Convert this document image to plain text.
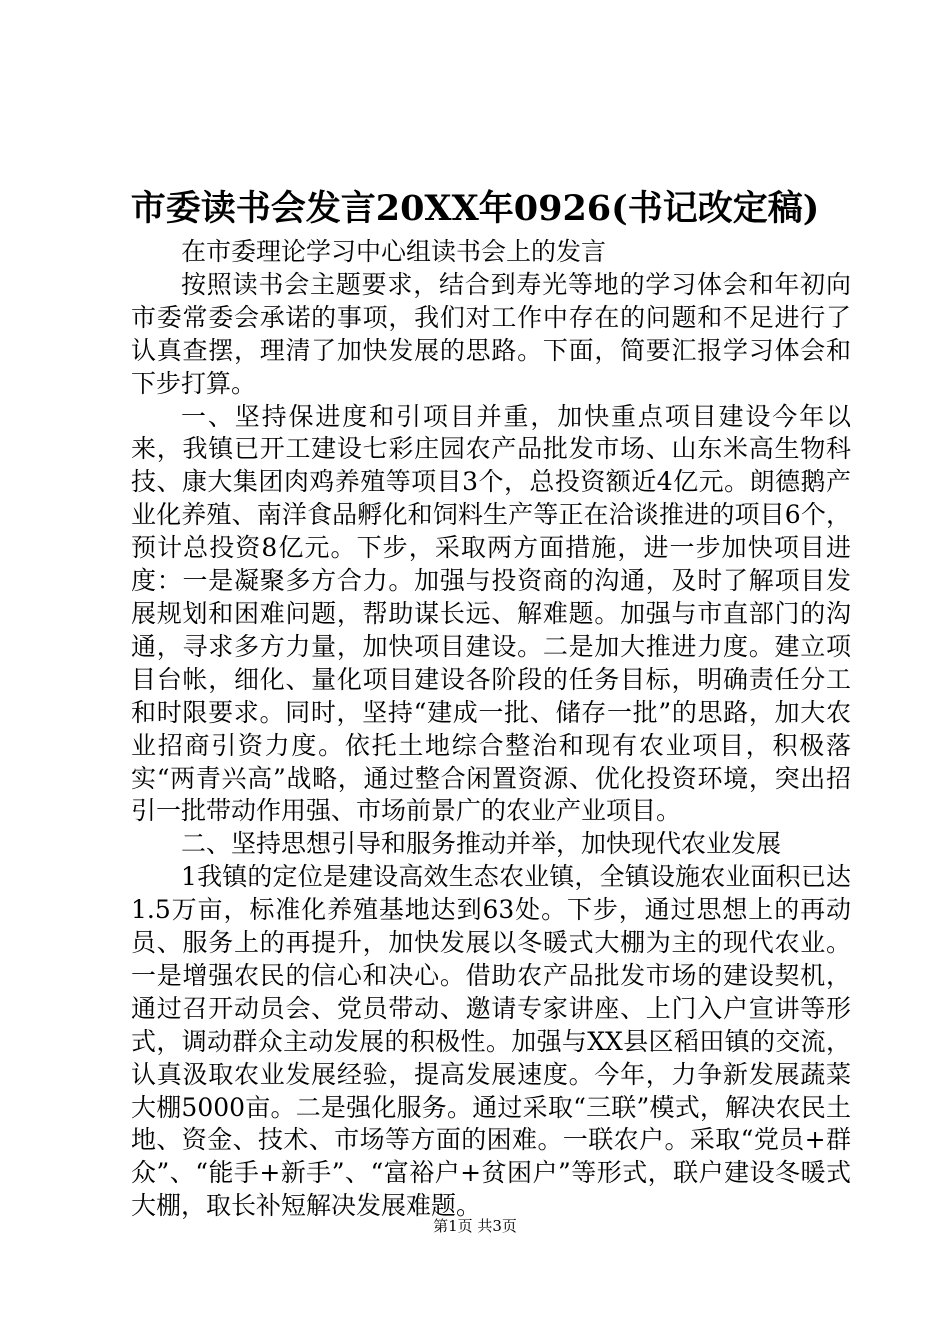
市委读书会发言20XX年0926(书记改定稿)

在市委理论学习中心组读书会上的发言

按照读书会主题要求，结合到寿光等地的学习体会和年初向市委常委会承诺的事项，我们对工作中存在的问题和不足进行了认真查摆，理清了加快发展的思路。下面，简要汇报学习体会和下步打算。

一、坚持保进度和引项目并重，加快重点项目建设今年以来，我镇已开工建设七彩庄园农产品批发市场、山东米高生物科技、康大集团肉鸡养殖等项目3个，总投资额近4亿元。朗德鹅产业化养殖、南洋食品孵化和饲料生产等正在洽谈推进的项目6个，预计总投资8亿元。下步，采取两方面措施，进一步加快项目进度：一是凝聚多方合力。加强与投资商的沟通，及时了解项目发展规划和困难问题，帮助谋长远、解难题。加强与市直部门的沟通，寻求多方力量，加快项目建设。二是加大推进力度。建立项目台帐，细化、量化项目建设各阶段的任务目标，明确责任分工和时限要求。同时，坚持“建成一批、储存一批”的思路，加大农业招商引资力度。依托土地综合整治和现有农业项目，积极落实“两青兴高”战略，通过整合闲置资源、优化投资环境，突出招引一批带动作用强、市场前景广的农业产业项目。

二、坚持思想引导和服务推动并举，加快现代农业发展

1我镇的定位是建设高效生态农业镇，全镇设施农业面积已达1.5万亩，标准化养殖基地达到63处。下步，通过思想上的再动员、服务上的再提升，加快发展以冬暖式大棚为主的现代农业。一是增强农民的信心和决心。借助农产品批发市场的建设契机，通过召开动员会、党员带动、邀请专家讲座、上门入户宣讲等形式，调动群众主动发展的积极性。加强与XX县区稻田镇的交流，认真汲取农业发展经验，提高发展速度。今年，力争新发展蔬菜大棚5000亩。二是强化服务。通过采取“三联”模式，解决农民土地、资金、技术、市场等方面的困难。一联农户。采取“党员+群众”、“能手+新手”、“富裕户+贫困户”等形式，联户建设冬暖式大棚，取长补短解决发展难题。

第1页 共3页
